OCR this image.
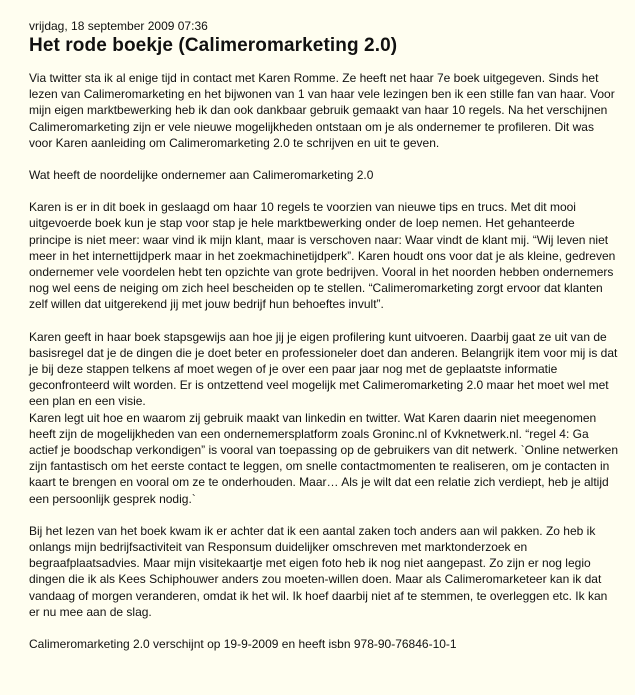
vrijdag, 18 september 2009 07:36
Het rode boekje (Calimeromarketing 2.0)

Via twitter sta ik al enige tijd in contact met Karen Romme. Ze heeft net haar 7e boek uitgegeven. Sinds het lezen van Calimeromarketing en het bijwonen van 1 van haar vele lezingen ben ik een stille fan van haar. Voor mijn eigen marktbewerking heb ik dan ook dankbaar gebruik gemaakt van haar 10 regels. Na het verschijnen Calimeromarketing zijn er vele nieuwe mogelijkheden ontstaan om je als ondernemer te profileren. Dit was voor Karen aanleiding om Calimeromarketing 2.0 te schrijven en uit te geven.

Wat heeft de noordelijke ondernemer aan Calimeromarketing 2.0

Karen is er in dit boek in geslaagd om haar 10 regels te voorzien van nieuwe tips en trucs. Met dit mooi uitgevoerde boek kun je stap voor stap je hele marktbewerking onder de loep nemen. Het gehanteerde principe is niet meer: waar vind ik mijn klant, maar is verschoven naar: Waar vindt de klant mij. “Wij leven niet meer in het internettijdperk maar in het zoekmachinetijdperk”. Karen houdt ons voor dat je als kleine, gedreven ondernemer vele voordelen hebt ten opzichte van grote bedrijven. Vooral in het noorden hebben ondernemers nog wel eens de neiging om zich heel bescheiden op te stellen. “Calimeromarketing zorgt ervoor dat klanten zelf willen dat uitgerekend jij met jouw bedrijf hun behoeftes invult”.

Karen geeft in haar boek stapsgewijs aan hoe jij je eigen profilering kunt uitvoeren. Daarbij gaat ze uit van de basisregel dat je de dingen die je doet beter en professioneler doet dan anderen. Belangrijk item voor mij is dat je bij deze stappen telkens af moet wegen of je over een paar jaar nog met de geplaatste informatie geconfronteerd wilt worden. Er is ontzettend veel mogelijk met Calimeromarketing 2.0 maar het moet wel met een plan en een visie.

Karen legt uit hoe en waarom zij gebruik maakt van linkedin en twitter. Wat Karen daarin niet meegenomen heeft zijn de mogelijkheden van een ondernemersplatform zoals Groninc.nl of Kvknetwerk.nl. “regel 4: Ga actief je boodschap verkondigen” is vooral van toepassing op de gebruikers van dit netwerk. `Online netwerken zijn fantastisch om het eerste contact te leggen, om snelle contactmomenten te realiseren, om je contacten in kaart te brengen en vooral om ze te onderhouden. Maar… Als je wilt dat een relatie zich verdiept, heb je altijd een persoonlijk gesprek nodig.`

Bij het lezen van het boek kwam ik er achter dat ik een aantal zaken toch anders aan wil pakken. Zo heb ik onlangs mijn bedrijfsactiviteit van Responsum duidelijker omschreven met marktonderzoek en begraafplaatsadvies. Maar mijn visitekaartje met eigen foto heb ik nog niet aangepast. Zo zijn er nog legio dingen die ik als Kees Schiphouwer anders zou moeten-willen doen. Maar als Calimeromarketeer kan ik dat vandaag of morgen veranderen, omdat ik het wil. Ik hoef daarbij niet af te stemmen, te overleggen etc. Ik kan er nu mee aan de slag.

Calimeromarketing 2.0 verschijnt op 19-9-2009 en heeft isbn 978-90-76846-10-1
